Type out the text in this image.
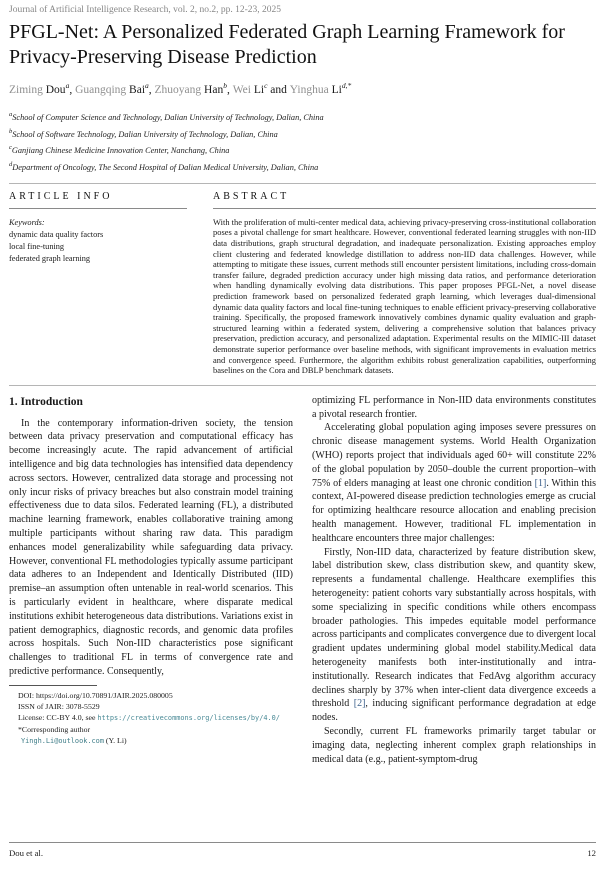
Journal of Artificial Intelligence Research, vol. 2, no.2, pp. 12-23, 2025
PFGL-Net: A Personalized Federated Graph Learning Framework for Privacy-Preserving Disease Prediction
Ziming Dou$^a$, Guangqing Bai$^a$, Zhuoyang Han$^b$, Wei Li$^c$ and Yinghua $Li^{d,*}$
$^a$School of Computer Science and Technology, Dalian University of Technology, Dalian, China
$^b$School of Software Technology, Dalian University of Technology, Dalian, China
$^c$Ganjiang Chinese Medicine Innovation Center, Nanchang, China
$^d$Department of Oncology, The Second Hospital of Dalian Medical University, Dalian, China
ARTICLE INFO
Keywords:
dynamic data quality factors
local fine-tuning
federated graph learning
ABSTRACT

With the proliferation of multi-center medical data, achieving privacy-preserving cross-institutional collaboration poses a pivotal challenge for smart healthcare. However, conventional federated learning struggles with non-IID data distributions, graph structural degradation, and inadequate personalization. Existing approaches employ client clustering and federated knowledge distillation to address non-IID data challenges. However, while attempting to mitigate these issues, current methods still encounter persistent limitations, including cross-domain transfer failure, degraded prediction accuracy under high missing data ratios, and performance deterioration when handling dynamically evolving data distributions. This paper proposes PFGL-Net, a novel disease prediction framework based on personalized federated graph learning, which leverages dual-dimensional dynamic data quality factors and local fine-tuning techniques to enable efficient privacy-preserving collaborative training. Specifically, the proposed framework innovatively combines dynamic quality evaluation and graph-structured learning within a federated system, delivering a comprehensive solution that balances privacy preservation, prediction accuracy, and personalized adaptation. Experimental results on the MIMIC-III dataset demonstrate superior performance over baseline methods, with significant improvements in evaluation metrics and convergence speed. Furthermore, the algorithm exhibits robust generalization capabilities, outperforming baselines on the Cora and DBLP benchmark datasets.

1. Introduction

In the contemporary information-driven society, the tension between data privacy preservation and computational efficacy has become increasingly acute. The rapid advancement of artificial intelligence and big data technologies has intensified data dependency across sectors. However, centralized data storage and processing not only incur risks of privacy breaches but also constrain model training effectiveness due to data silos. Federated learning (FL), a distributed machine learning framework, enables collaborative training among multiple participants without sharing raw data. This paradigm enhances model generalizability while safeguarding data privacy. However, conventional FL methodologies typically assume participant data adheres to an Independent and Identically Distributed (IID) premise–an assumption often untenable in real-world scenarios. This is particularly evident in healthcare, where disparate medical institutions exhibit heterogeneous data distributions. Variations exist in patient demographics, diagnostic records, and genomic data profiles across hospitals. Such Non-IID characteristics pose significant challenges to traditional FL in terms of convergence rate and predictive performance. Consequently,

DOI: https://doi.org/10.70891/JAIR.2025.080005
ISSN of JAIR: 3078-5529
License: CC-BY 4.0, see https://creativecommons.org/licenses/by/4.0/
*Corresponding author
Yingh.Li@outlook.com (Y. Li)

optimizing FL performance in Non-IID data environments constitutes a pivotal research frontier.

Accelerating global population aging imposes severe pressures on chronic disease management systems. World Health Organization (WHO) reports project that individuals aged 60+ will constitute 22% of the global population by 2050–double the current proportion–with 75% of elders managing at least one chronic condition [1]. Within this context, AI-powered disease prediction technologies emerge as crucial for optimizing healthcare resource allocation and enabling precision health management. However, traditional FL implementation in healthcare encounters three major challenges:

Firstly, Non-IID data, characterized by feature distribution skew, label distribution skew, class distribution skew, and quantity skew, represents a fundamental challenge. Healthcare exemplifies this heterogeneity: patient cohorts vary substantially across hospitals, with some specializing in specific conditions while others encompass broader pathologies. This impedes equitable model performance across participants and complicates convergence due to divergent local gradient updates undermining global model stability.Medical data heterogeneity manifests both inter-institutionally and intra-institutionally. Research indicates that FedAvg algorithm accuracy declines sharply by 37% when inter-client data divergence exceeds a threshold [2], inducing significant performance degradation at edge nodes.

Secondly, current FL frameworks primarily target tabular or imaging data, neglecting inherent complex graph relationships in medical data (e.g., patient-symptom-drug

Dou et al.	12
